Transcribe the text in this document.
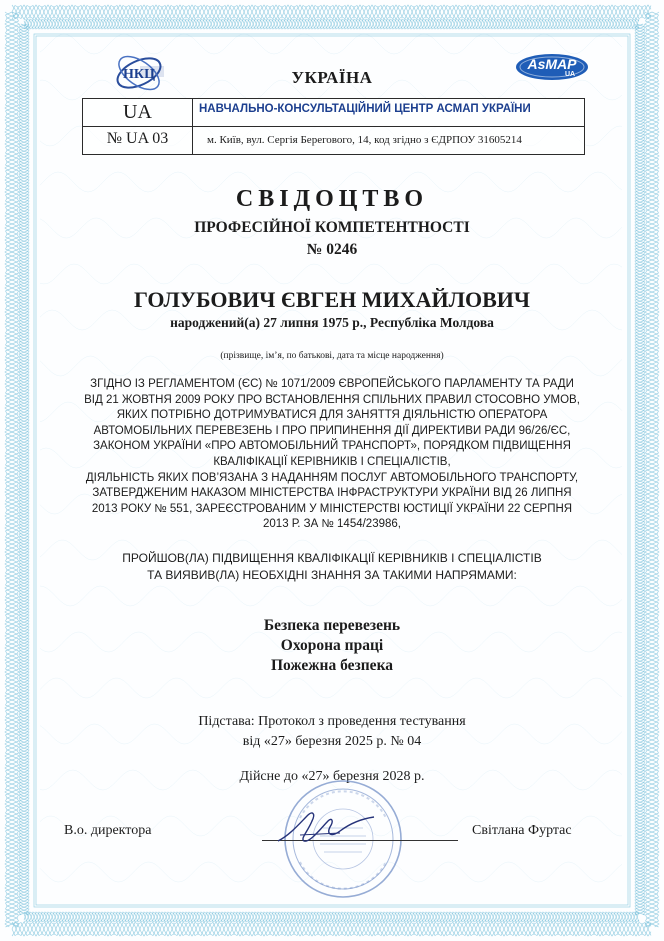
НКЦ	УКРАЇНА
AsMAP
UA
UA
№ UA 03
НАВЧАЛЬНО-КОНСУЛЬТАЦІЙНИЙ ЦЕНТР АСМАП УКРАЇНИ
м. Київ, вул. Сергія Берегового, 14, код згідно з ЄДРПОУ 31605214
СВІДОЦТВО
ПРОФЕСІЙНОЇ КОМПЕТЕНТНОСТІ
№ 0246
ГОЛУБОВИЧ ЄВГЕН МИХАЙЛОВИЧ
народжений(а) 27 липня 1975 р., Республіка Молдова
(прізвище, ім’я, по батькові, дата та місце народження)
ЗГІДНО ІЗ РЕГЛАМЕНТОМ (ЄС) № 1071/2009 ЄВРОПЕЙСЬКОГО ПАРЛАМЕНТУ ТА РАДИ
ВІД 21 ЖОВТНЯ 2009 РОКУ ПРО ВСТАНОВЛЕННЯ СПІЛЬНИХ ПРАВИЛ СТОСОВНО УМОВ,
ЯКИХ ПОТРІБНО ДОТРИМУВАТИСЯ ДЛЯ ЗАНЯТТЯ ДІЯЛЬНІСТЮ ОПЕРАТОРА
АВТОМОБІЛЬНИХ ПЕРЕВЕЗЕНЬ І ПРО ПРИПИНЕННЯ ДІЇ ДИРЕКТИВИ РАДИ 96/26/ЄС,
ЗАКОНОМ УКРАЇНИ «ПРО АВТОМОБІЛЬНИЙ ТРАНСПОРТ», ПОРЯДКОМ ПІДВИЩЕННЯ
КВАЛІФІКАЦІЇ КЕРІВНИКІВ І СПЕЦІАЛІСТІВ,
ДІЯЛЬНІСТЬ ЯКИХ ПОВ’ЯЗАНА З НАДАННЯМ ПОСЛУГ АВТОМОБІЛЬНОГО ТРАНСПОРТУ,
ЗАТВЕРДЖЕНИМ НАКАЗОМ МІНІСТЕРСТВА ІНФРАСТРУКТУРИ УКРАЇНИ ВІД 26 ЛИПНЯ
2013 РОКУ № 551, ЗАРЕЄСТРОВАНИМ У МІНІСТЕРСТВІ ЮСТИЦІЇ УКРАЇНИ 22 СЕРПНЯ
2013 Р. ЗА № 1454/23986,
ПРОЙШОВ(ЛА) ПІДВИЩЕННЯ КВАЛІФІКАЦІЇ КЕРІВНИКІВ І СПЕЦІАЛІСТІВ
ТА ВИЯВИВ(ЛА) НЕОБХІДНІ ЗНАННЯ ЗА ТАКИМИ НАПРЯМАМИ:
Безпека перевезень
Охорона праці
Пожежна безпека
Підстава: Протокол з проведення тестування
від «27» березня 2025 р. № 04
Дійсне до «27» березня 2028 р.
В.о. директора	Світлана Фуртас
